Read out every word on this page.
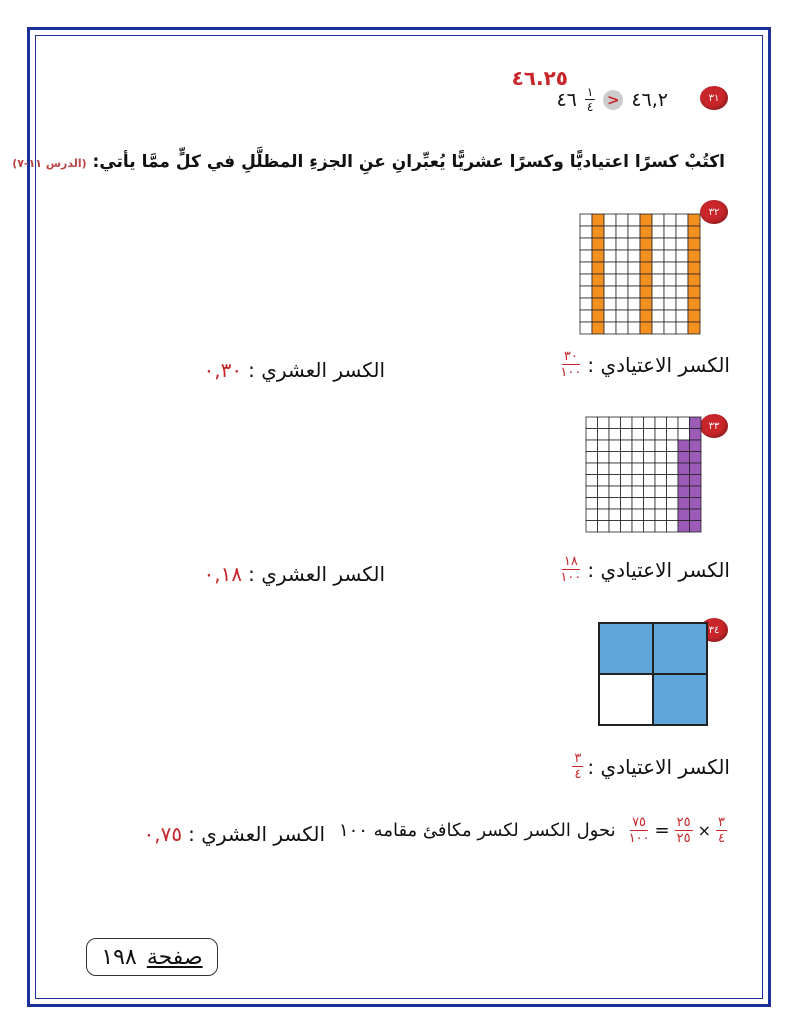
٤٦.٢٥
٤٦ $\frac{١}{٤}$ > ٤٦,٢	٣١
اكتُبْ كسرًا اعتياديًّا وكسرًا عشريًّا يُعبِّرانِ عنِ الجزءِ المظلَّلِ في كلٍّ ممَّا يأتي: (الدرس ١١-٧)
٣٢
الكسر الاعتيادي :
$\frac{٣٠}{١٠٠}$
الكسر العشري :
٠,٣٠
٣٣
الكسر الاعتيادي :
$\frac{١٨}{١٠٠}$
الكسر العشري :
٠,١٨
٣٤
الكسر الاعتيادي :
$\frac{٣}{٤}$
نحول الكسر لكسر مكافئ مقامه ١٠٠ $\frac{٧٥}{١٠٠} = \frac{٢٥}{٢٥} \times \frac{٣}{٤}$
الكسر العشري :
٠,٧٥
١٩٨ صفحة
